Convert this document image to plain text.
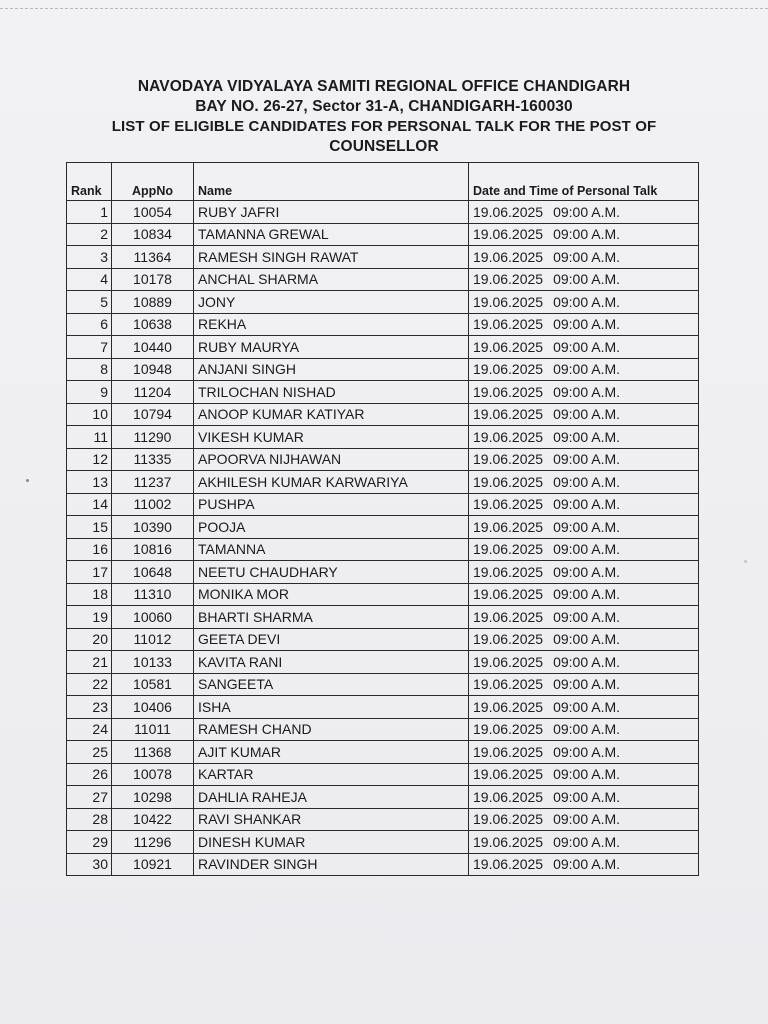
NAVODAYA VIDYALAYA SAMITI REGIONAL OFFICE CHANDIGARH
BAY NO. 26-27, Sector 31-A, CHANDIGARH-160030
LIST OF ELIGIBLE CANDIDATES FOR PERSONAL TALK FOR THE POST OF
COUNSELLOR
Rank	AppNo	Name	Date and Time of Personal Talk
1	10054	RUBY JAFRI	19.06.2025 09:00 A.M.
2	10834	TAMANNA GREWAL	19.06.2025 09:00 A.M.
3	11364	RAMESH SINGH RAWAT	19.06.2025 09:00 A.M.
4	10178	ANCHAL SHARMA	19.06.2025 09:00 A.M.
5	10889	JONY	19.06.2025 09:00 A.M.
6	10638	REKHA	19.06.2025 09:00 A.M.
7	10440	RUBY MAURYA	19.06.2025 09:00 A.M.
8	10948	ANJANI SINGH	19.06.2025 09:00 A.M.
9	11204	TRILOCHAN NISHAD	19.06.2025 09:00 A.M.
10	10794	ANOOP KUMAR KATIYAR	19.06.2025 09:00 A.M.
11	11290	VIKESH KUMAR	19.06.2025 09:00 A.M.
12	11335	APOORVA NIJHAWAN	19.06.2025 09:00 A.M.
13	11237	AKHILESH KUMAR KARWARIYA	19.06.2025 09:00 A.M.
14	11002	PUSHPA	19.06.2025 09:00 A.M.
15	10390	POOJA	19.06.2025 09:00 A.M.
16	10816	TAMANNA	19.06.2025 09:00 A.M.
17	10648	NEETU CHAUDHARY	19.06.2025 09:00 A.M.
18	11310	MONIKA MOR	19.06.2025 09:00 A.M.
19	10060	BHARTI SHARMA	19.06.2025 09:00 A.M.
20	11012	GEETA DEVI	19.06.2025 09:00 A.M.
21	10133	KAVITA RANI	19.06.2025 09:00 A.M.
22	10581	SANGEETA	19.06.2025 09:00 A.M.
23	10406	ISHA	19.06.2025 09:00 A.M.
24	11011	RAMESH CHAND	19.06.2025 09:00 A.M.
25	11368	AJIT KUMAR	19.06.2025 09:00 A.M.
26	10078	KARTAR	19.06.2025 09:00 A.M.
27	10298	DAHLIA RAHEJA	19.06.2025 09:00 A.M.
28	10422	RAVI SHANKAR	19.06.2025 09:00 A.M.
29	11296	DINESH KUMAR	19.06.2025 09:00 A.M.
30	10921	RAVINDER SINGH	19.06.2025 09:00 A.M.
